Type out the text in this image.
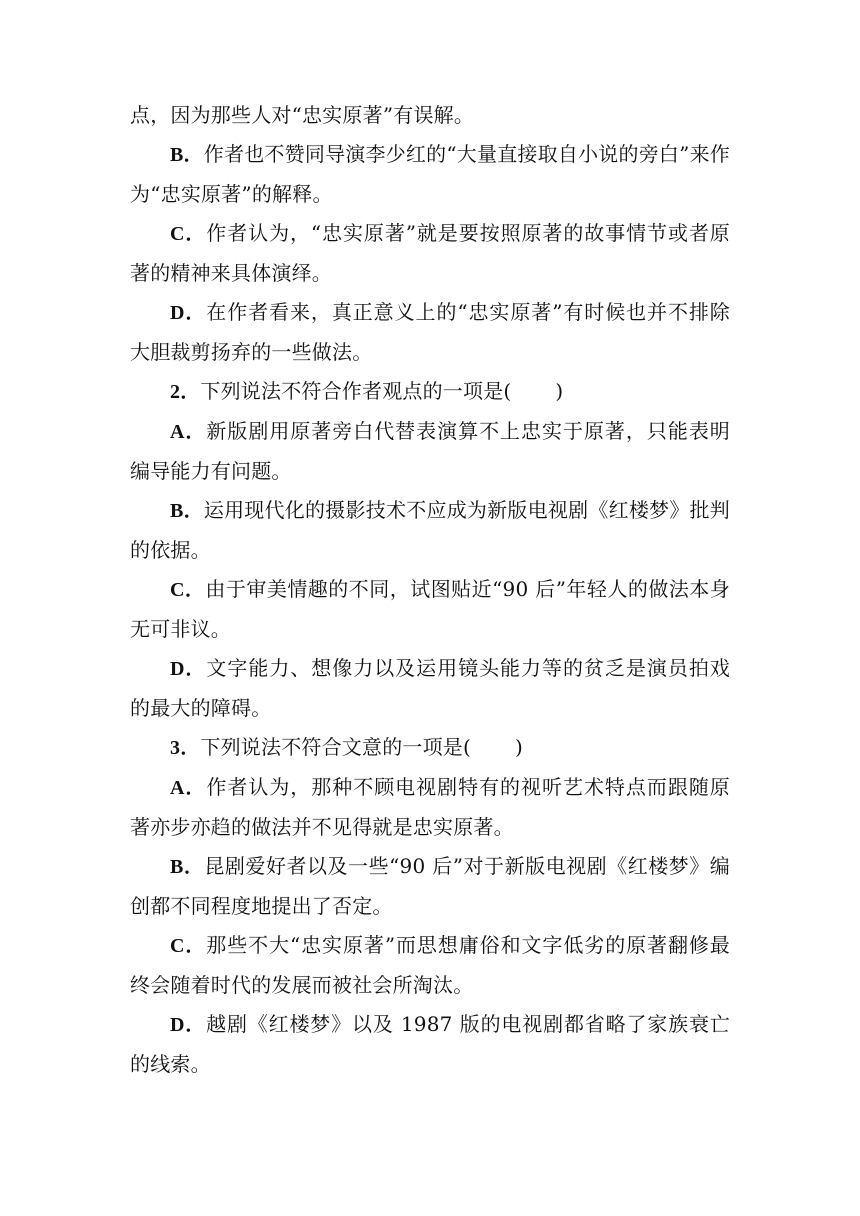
点，因为那些人对“忠实原著”有误解。

B．作者也不赞同导演李少红的“大量直接取自小说的旁白”来作为“忠实原著”的解释。

C．作者认为，“忠实原著”就是要按照原著的故事情节或者原著的精神来具体演绎。

D．在作者看来，真正意义上的“忠实原著”有时候也并不排除大胆裁剪扬弃的一些做法。

2．下列说法不符合作者观点的一项是( )

A．新版剧用原著旁白代替表演算不上忠实于原著，只能表明编导能力有问题。

B．运用现代化的摄影技术不应成为新版电视剧《红楼梦》批判的依据。

C．由于审美情趣的不同，试图贴近“90 后”年轻人的做法本身无可非议。

D．文字能力、想像力以及运用镜头能力等的贫乏是演员拍戏的最大的障碍。

3．下列说法不符合文意的一项是( )

A．作者认为，那种不顾电视剧特有的视听艺术特点而跟随原著亦步亦趋的做法并不见得就是忠实原著。

B．昆剧爱好者以及一些“90 后”对于新版电视剧《红楼梦》编创都不同程度地提出了否定。

C．那些不大“忠实原著”而思想庸俗和文字低劣的原著翻修最终会随着时代的发展而被社会所淘汰。

D．越剧《红楼梦》以及 1987 版的电视剧都省略了家族衰亡的线索。
